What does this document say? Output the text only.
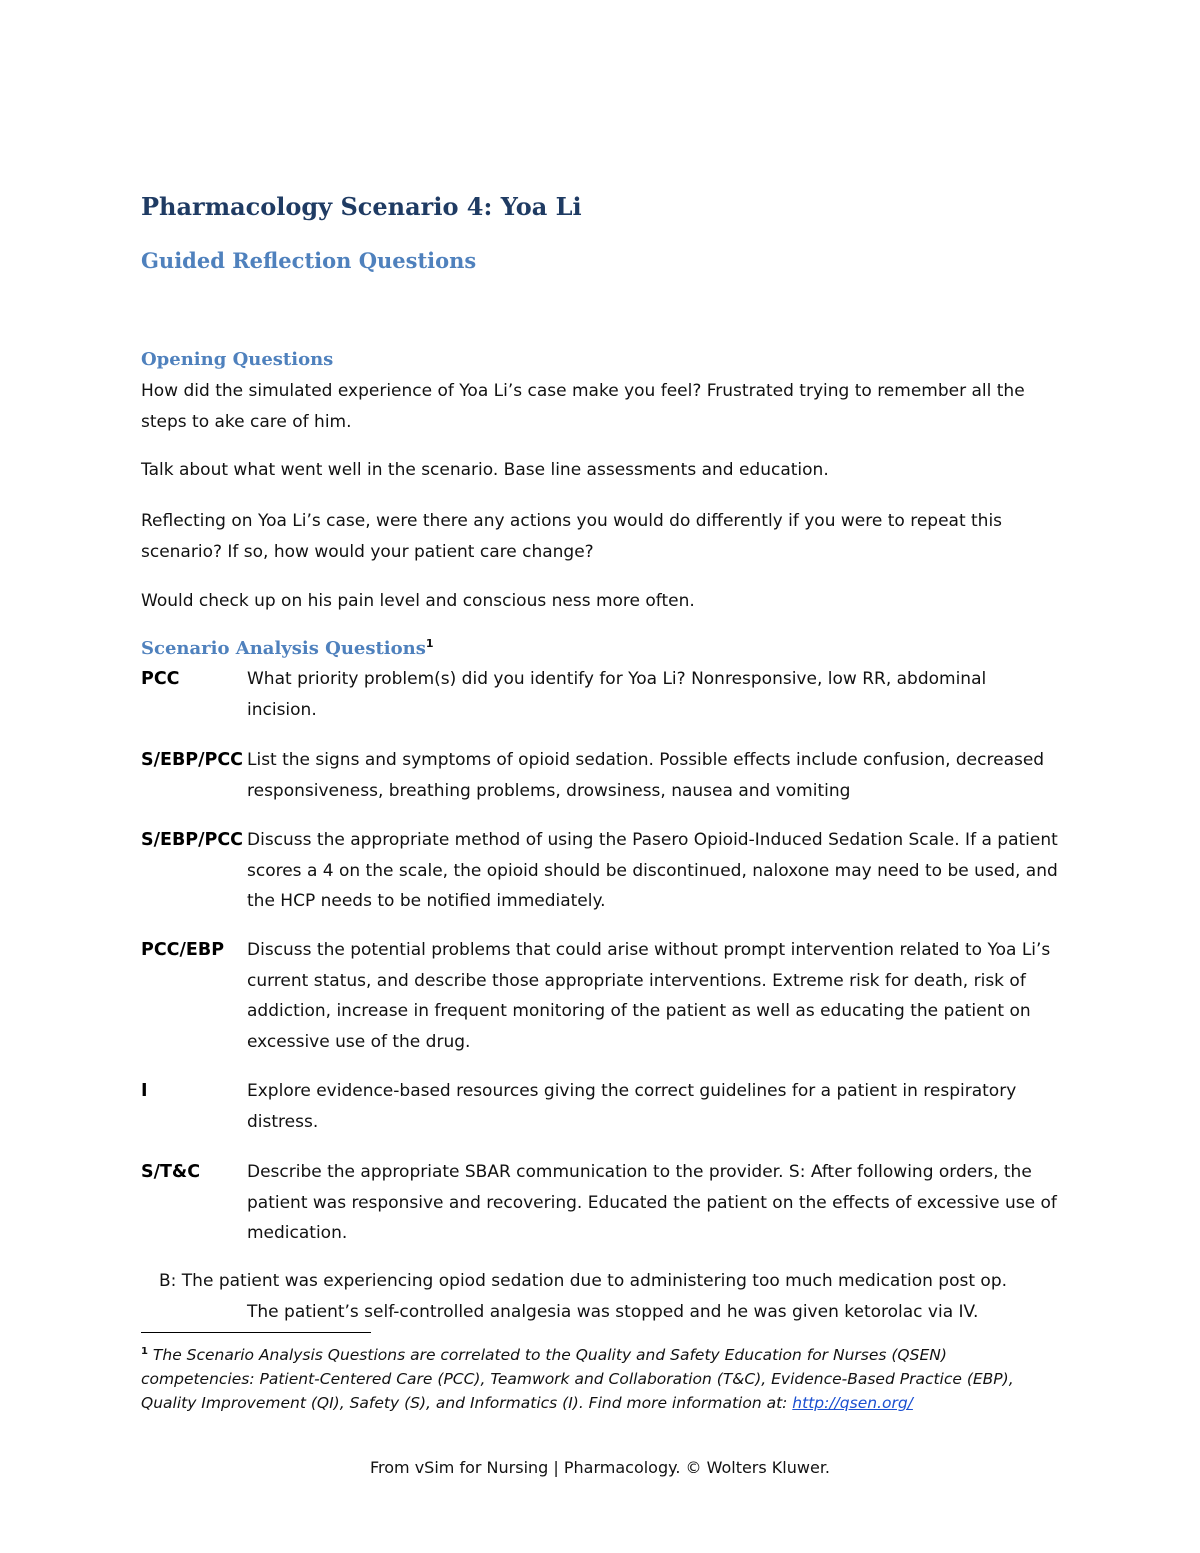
Pharmacology Scenario 4: Yoa Li
Guided Reflection Questions
Opening Questions

How did the simulated experience of Yoa Li’s case make you feel? Frustrated trying to remember all the steps to ake care of him.

Talk about what went well in the scenario. Base line assessments and education.

Reflecting on Yoa Li’s case, were there any actions you would do differently if you were to repeat this scenario? If so, how would your patient care change?

Would check up on his pain level and conscious ness more often.

Scenario Analysis Questions$^1$
PCC	What priority problem(s) did you identify for Yoa Li? Nonresponsive, low RR, abdominal incision.

S/EBP/PCC List the signs and symptoms of opioid sedation. Possible effects include confusion, decreased responsiveness, breathing problems, drowsiness, nausea and vomiting

S/EBP/PCC Discuss the appropriate method of using the Pasero Opioid-Induced Sedation Scale. If a patient scores a 4 on the scale, the opioid should be discontinued, naloxone may need to be used, and the HCP needs to be notified immediately.

PCC/EBP Discuss the potential problems that could arise without prompt intervention related to Yoa Li’s current status, and describe those appropriate interventions. Extreme risk for death, risk of addiction, increase in frequent monitoring of the patient as well as educating the patient on excessive use of the drug.

I	Explore evidence-based resources giving the correct guidelines for a patient in respiratory distress.

S/T&C	Describe the appropriate SBAR communication to the provider. S: After following orders, the patient was responsive and recovering. Educated the patient on the effects of excessive use of medication.

B: The patient was experiencing opiod sedation due to administering too much medication post op.
The patient’s self-controlled analgesia was stopped and he was given ketorolac via IV.

$^1$ The Scenario Analysis Questions are correlated to the Quality and Safety Education for Nurses (QSEN) competencies: Patient-Centered Care (PCC), Teamwork and Collaboration (T&C), Evidence-Based Practice (EBP), Quality Improvement (QI), Safety (S), and Informatics (I). Find more information at: http://qsen.org/

From vSim for Nursing | Pharmacology. © Wolters Kluwer.
